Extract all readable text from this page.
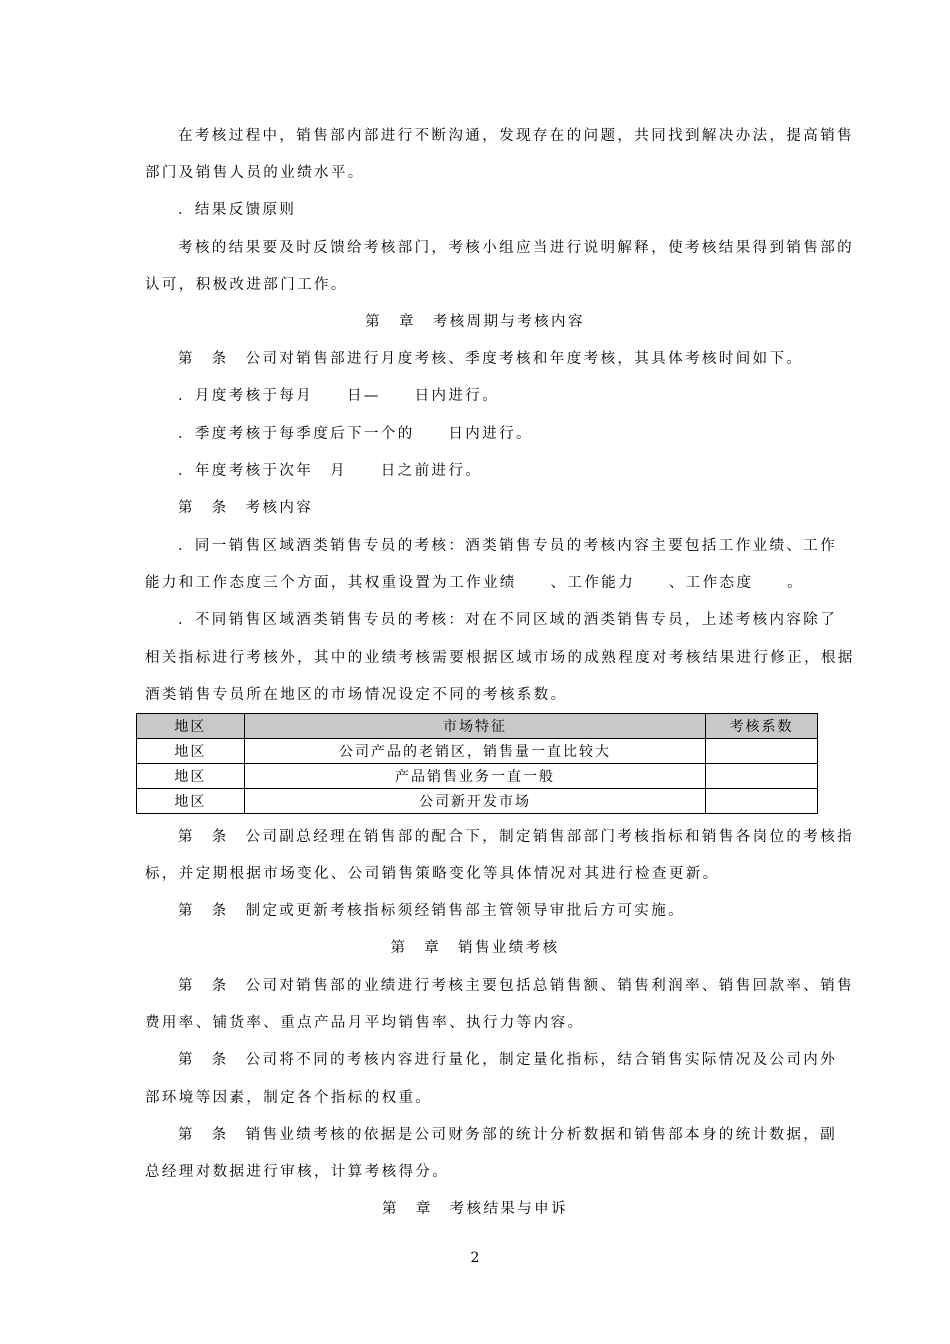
在考核过程中，销售部内部进行不断沟通，发现存在的问题，共同找到解决办法，提高销售
部门及销售人员的业绩水平。
．结果反馈原则
考核的结果要及时反馈给考核部门，考核小组应当进行说明解释，使考核结果得到销售部的
认可，积极改进部门工作。
第　章　考核周期与考核内容
第　条　公司对销售部进行月度考核、季度考核和年度考核，其具体考核时间如下。
．月度考核于每月　　日—　　日内进行。
．季度考核于每季度后下一个的　　日内进行。
．年度考核于次年　月　　日之前进行。
第　条　考核内容
．同一销售区域酒类销售专员的考核：酒类销售专员的考核内容主要包括工作业绩、工作
能力和工作态度三个方面，其权重设置为工作业绩　　、工作能力　　、工作态度　　。
．不同销售区域酒类销售专员的考核：对在不同区域的酒类销售专员，上述考核内容除了
相关指标进行考核外，其中的业绩考核需要根据区域市场的成熟程度对考核结果进行修正，根据
酒类销售专员所在地区的市场情况设定不同的考核系数。
地区	市场特征	考核系数
地区	公司产品的老销区，销售量一直比较大	
地区	产品销售业务一直一般	
地区	公司新开发市场	
第　条　公司副总经理在销售部的配合下，制定销售部部门考核指标和销售各岗位的考核指
标，并定期根据市场变化、公司销售策略变化等具体情况对其进行检查更新。
第　条　制定或更新考核指标须经销售部主管领导审批后方可实施。
第　章　销售业绩考核
第　条　公司对销售部的业绩进行考核主要包括总销售额、销售利润率、销售回款率、销售
费用率、铺货率、重点产品月平均销售率、执行力等内容。
第　条　公司将不同的考核内容进行量化，制定量化指标，结合销售实际情况及公司内外
部环境等因素，制定各个指标的权重。
第　条　销售业绩考核的依据是公司财务部的统计分析数据和销售部本身的统计数据，副
总经理对数据进行审核，计算考核得分。
第　章　考核结果与申诉
2
